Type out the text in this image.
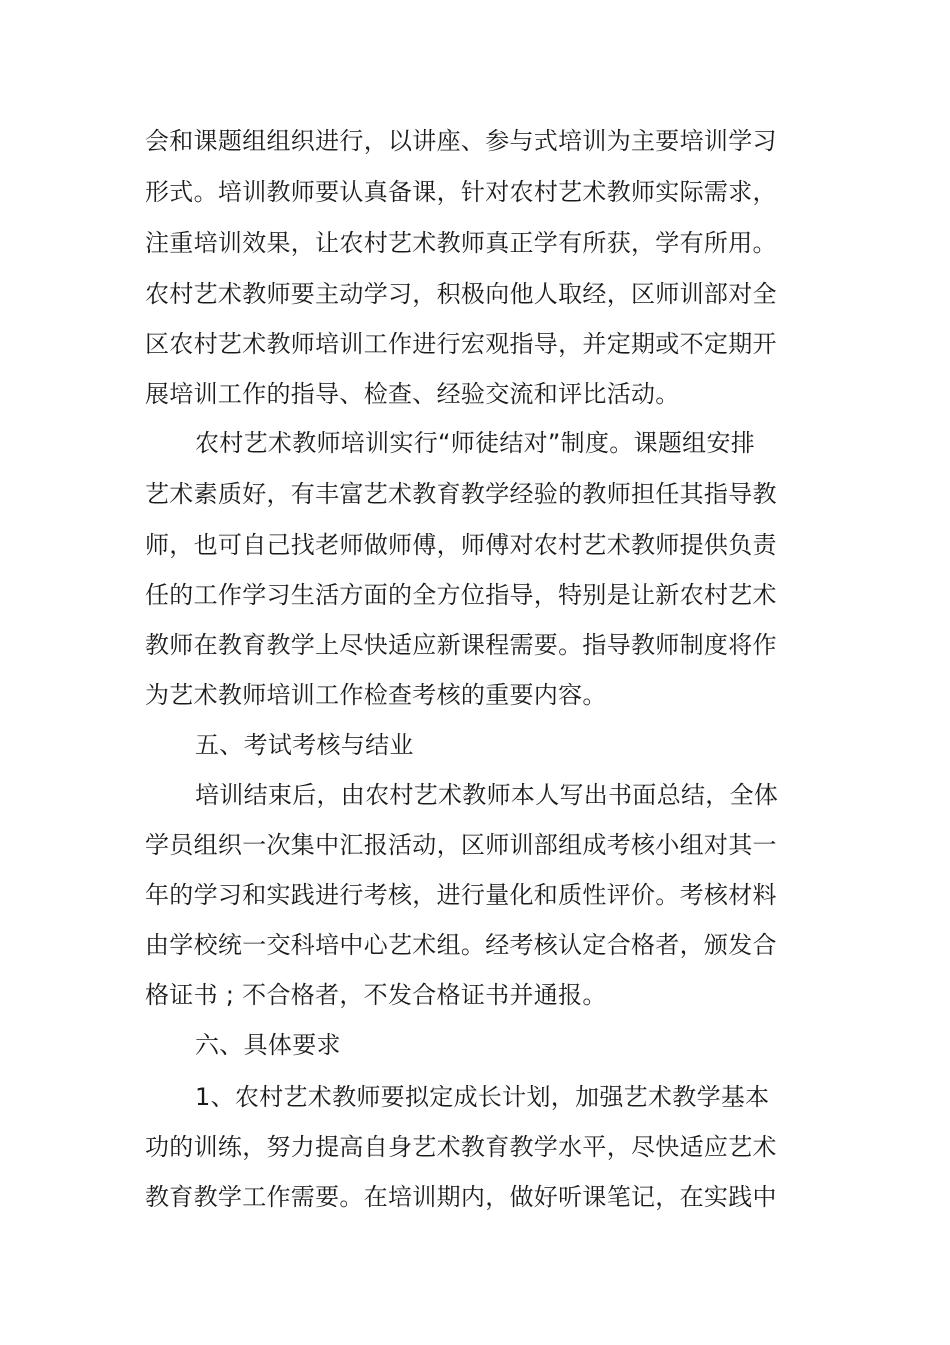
会和课题组组织进行，以讲座、参与式培训为主要培训学习
形式。培训教师要认真备课，针对农村艺术教师实际需求，
注重培训效果，让农村艺术教师真正学有所获，学有所用。
农村艺术教师要主动学习，积极向他人取经，区师训部对全
区农村艺术教师培训工作进行宏观指导，并定期或不定期开
展培训工作的指导、检查、经验交流和评比活动。
农村艺术教师培训实行“师徒结对”制度。课题组安排
艺术素质好，有丰富艺术教育教学经验的教师担任其指导教
师，也可自己找老师做师傅，师傅对农村艺术教师提供负责
任的工作学习生活方面的全方位指导，特别是让新农村艺术
教师在教育教学上尽快适应新课程需要。指导教师制度将作
为艺术教师培训工作检查考核的重要内容。
五、考试考核与结业
培训结束后，由农村艺术教师本人写出书面总结，全体
学员组织一次集中汇报活动，区师训部组成考核小组对其一
年的学习和实践进行考核，进行量化和质性评价。考核材料
由学校统一交科培中心艺术组。经考核认定合格者，颁发合
格证书 ; 不合格者，不发合格证书并通报。
六、具体要求
1、农村艺术教师要拟定成长计划，加强艺术教学基本
功的训练，努力提高自身艺术教育教学水平，尽快适应艺术
教育教学工作需要。在培训期内，做好听课笔记，在实践中
